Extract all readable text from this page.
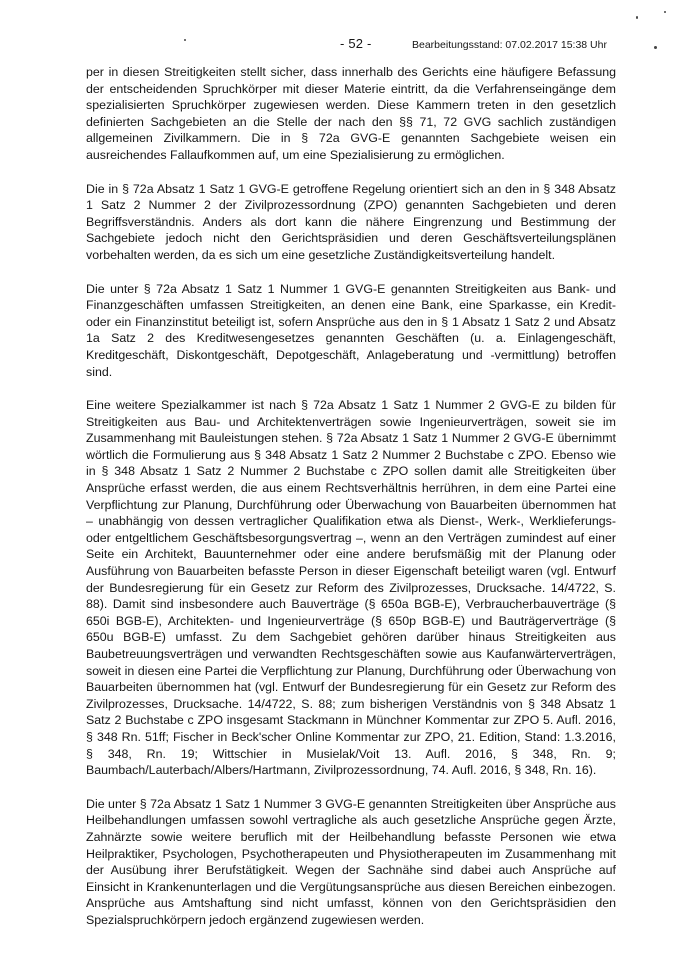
- 52 -	Bearbeitungsstand: 07.02.2017 15:38 Uhr

per in diesen Streitigkeiten stellt sicher, dass innerhalb des Gerichts eine häufigere Befassung der entscheidenden Spruchkörper mit dieser Materie eintritt, da die Verfahrenseingänge dem spezialisierten Spruchkörper zugewiesen werden. Diese Kammern treten in den gesetzlich definierten Sachgebieten an die Stelle der nach den §§ 71, 72 GVG sachlich zuständigen allgemeinen Zivilkammern. Die in § 72a GVG-E genannten Sachgebiete weisen ein ausreichendes Fallaufkommen auf, um eine Spezialisierung zu ermöglichen.

Die in § 72a Absatz 1 Satz 1 GVG-E getroffene Regelung orientiert sich an den in § 348 Absatz 1 Satz 2 Nummer 2 der Zivilprozessordnung (ZPO) genannten Sachgebieten und deren Begriffsverständnis. Anders als dort kann die nähere Eingrenzung und Bestimmung der Sachgebiete jedoch nicht den Gerichtspräsidien und deren Geschäftsverteilungsplänen vorbehalten werden, da es sich um eine gesetzliche Zuständigkeitsverteilung handelt.

Die unter § 72a Absatz 1 Satz 1 Nummer 1 GVG-E genannten Streitigkeiten aus Bank- und Finanzgeschäften umfassen Streitigkeiten, an denen eine Bank, eine Sparkasse, ein Kredit- oder ein Finanzinstitut beteiligt ist, sofern Ansprüche aus den in § 1 Absatz 1 Satz 2 und Absatz 1a Satz 2 des Kreditwesengesetzes genannten Geschäften (u. a. Einlagengeschäft, Kreditgeschäft, Diskontgeschäft, Depotgeschäft, Anlageberatung und -vermittlung) betroffen sind.

Eine weitere Spezialkammer ist nach § 72a Absatz 1 Satz 1 Nummer 2 GVG-E zu bilden für Streitigkeiten aus Bau- und Architektenverträgen sowie Ingenieurverträgen, soweit sie im Zusammenhang mit Bauleistungen stehen. § 72a Absatz 1 Satz 1 Nummer 2 GVG-E übernimmt wörtlich die Formulierung aus § 348 Absatz 1 Satz 2 Nummer 2 Buchstabe c ZPO. Ebenso wie in § 348 Absatz 1 Satz 2 Nummer 2 Buchstabe c ZPO sollen damit alle Streitigkeiten über Ansprüche erfasst werden, die aus einem Rechtsverhältnis herrühren, in dem eine Partei eine Verpflichtung zur Planung, Durchführung oder Überwachung von Bauarbeiten übernommen hat – unabhängig von dessen vertraglicher Qualifikation etwa als Dienst-, Werk-, Werklieferungs- oder entgeltlichem Geschäftsbesorgungsvertrag –, wenn an den Verträgen zumindest auf einer Seite ein Architekt, Bauunternehmer oder eine andere berufsmäßig mit der Planung oder Ausführung von Bauarbeiten befasste Person in dieser Eigenschaft beteiligt waren (vgl. Entwurf der Bundesregierung für ein Gesetz zur Reform des Zivilprozesses, Drucksache. 14/4722, S. 88). Damit sind insbesondere auch Bauverträge (§ 650a BGB-E), Verbraucherbauverträge (§ 650i BGB-E), Architekten- und Ingenieurverträge (§ 650p BGB-E) und Bauträgerverträge (§ 650u BGB-E) umfasst. Zu dem Sachgebiet gehören darüber hinaus Streitigkeiten aus Baubetreuungsverträgen und verwandten Rechtsgeschäften sowie aus Kaufanwärterverträgen, soweit in diesen eine Partei die Verpflichtung zur Planung, Durchführung oder Überwachung von Bauarbeiten übernommen hat (vgl. Entwurf der Bundesregierung für ein Gesetz zur Reform des Zivilprozesses, Drucksache. 14/4722, S. 88; zum bisherigen Verständnis von § 348 Absatz 1 Satz 2 Buchstabe c ZPO insgesamt Stackmann in Münchner Kommentar zur ZPO 5. Aufl. 2016, § 348 Rn. 51ff; Fischer in Beck'scher Online Kommentar zur ZPO, 21. Edition, Stand: 1.3.2016, § 348, Rn. 19; Wittschier in Musielak/Voit 13. Aufl. 2016, § 348, Rn. 9; Baumbach/Lauterbach/Albers/Hartmann, Zivilprozessordnung, 74. Aufl. 2016, § 348, Rn. 16).

Die unter § 72a Absatz 1 Satz 1 Nummer 3 GVG-E genannten Streitigkeiten über Ansprüche aus Heilbehandlungen umfassen sowohl vertragliche als auch gesetzliche Ansprüche gegen Ärzte, Zahnärzte sowie weitere beruflich mit der Heilbehandlung befasste Personen wie etwa Heilpraktiker, Psychologen, Psychotherapeuten und Physiotherapeuten im Zusammenhang mit der Ausübung ihrer Berufstätigkeit. Wegen der Sachnähe sind dabei auch Ansprüche auf Einsicht in Krankenunterlagen und die Vergütungsansprüche aus diesen Bereichen einbezogen. Ansprüche aus Amtshaftung sind nicht umfasst, können von den Gerichtspräsidien den Spezialspruchkörpern jedoch ergänzend zugewiesen werden.
